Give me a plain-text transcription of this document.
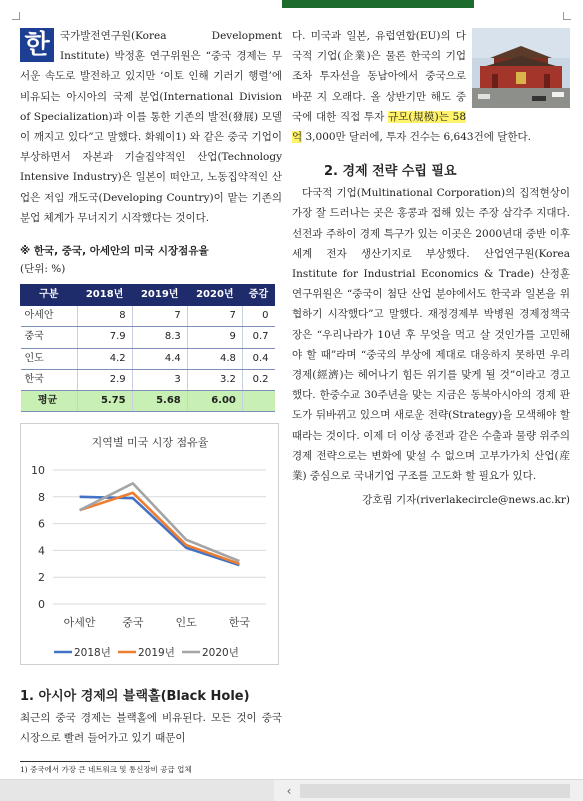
한 국가발전연구원(Korea Development Institute) 박정훈 연구위원은 “중국 경제는 무서운 속도로 발전하고 있지만 ‘이토 인해 기러기 행렬’에 비유되는 아시아의 국제 분업(International Division of Specialization)과 이를 통한 기존의 발전(發展) 모델이 깨지고 있다”고 말했다. 화웨이1) 와 같은 중국 기업이 부상하면서 자본과 기술집약적인 산업(Technology Intensive Industry)은 일본이 떠안고, 노동집약적인 산업은 저임 개도국(Developing Country)이 맡는 기존의 분업 체계가 무너지기 시작했다는 것이다.

※ 한국, 중국, 아세안의 미국 시장점유율
(단위: %)
구분	2018년	2019년	2020년	증감
아세안	8	7	7	0
중국	7.9	8.3	9	0.7
인도	4.2	4.4	4.8	0.4
한국	2.9	3	3.2	0.2
평균	5.75	5.68	6.00	
지역별 미국 시장 점유율
0
2
4
6
8
10
아세안 중국	인도	한국
2018년	2019년	2020년
1. 아시아 경제의 블랙홀(Black Hole)

최근의 중국 경제는 블랙홀에 비유된다. 모든 것이 중국 시장으로 빨려 들어가고 있기 때문이

1) 중국에서 가장 큰 네트워크 및 통신장비 공급 업체

다. 미국과 일본, 유럽연합(EU)의 다국적 기업(企業)은 물론 한국의 기업조차 투자선을 동남아에서 중국으로 바꾼 지 오래다. 올 상반기만 해도 중국에 대한 직접 투자 규모(規模)는 58억 3,000만 달러에, 투자 건수는 6,643건에 달한다.

2. 경제 전략 수립 필요

다국적 기업(Multinational Corporation)의 집적현상이 가장 잘 드러나는 곳은 홍콩과 접해 있는 주장 삼각주 지대다. 선전과 주하이 경제 특구가 있는 이곳은 2000년대 중반 이후 세계 전자 생산기지로 부상했다. 산업연구원(Korea Institute for Industrial Economics & Trade) 산정훈 연구위원은 “중국이 첨단 산업 분야에서도 한국과 일본을 위협하기 시작했다”고 말했다. 재정경제부 박병원 경제정책국장은 “우리나라가 10년 후 무엇을 먹고 살 것인가를 고민해야 할 때”라며 “중국의 부상에 제대로 대응하지 못하면 우리 경제(經濟)는 헤어나기 힘든 위기를 맞게 될 것”이라고 경고했다. 한중수교 30주년을 맞는 지금은 동북아시아의 경제 판도가 뒤바뀌고 있으며 새로운 전략(Strategy)을 모색해야 할 때라는 것이다. 이제 더 이상 종전과 같은 수출과 물량 위주의 경제 전략으로는 변화에 맞설 수 없으며 고부가가치 산업(産業) 중심으로 국내기업 구조를 고도화 할 필요가 있다.

강호림 기자(riverlakecircle@news.ac.kr)

‹
